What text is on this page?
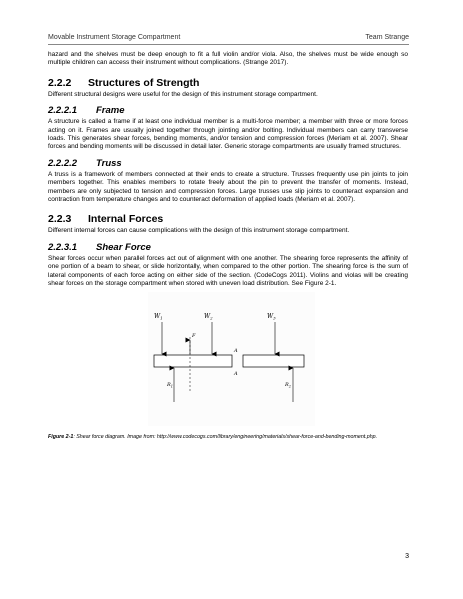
Movable Instrument Storage Compartment	Team Strange

hazard and the shelves must be deep enough to fit a full violin and/or viola. Also, the shelves must be wide enough so multiple children can access their instrument without complications. (Strange 2017).

2.2.2	Structures of Strength

Different structural designs were useful for the design of this instrument storage compartment.

2.2.2.1	Frame

A structure is called a frame if at least one individual member is a multi-force member; a member with three or more forces acting on it. Frames are usually joined together through jointing and/or bolting. Individual members can carry transverse loads. This generates shear forces, bending moments, and/or tension and compression forces (Meriam et al. 2007). Shear forces and bending moments will be discussed in detail later. Generic storage compartments are usually framed structures.

2.2.2.2	Truss

A truss is a framework of members connected at their ends to create a structure. Trusses frequently use pin joints to join members together. This enables members to rotate freely about the pin to prevent the transfer of moments. Instead, members are only subjected to tension and compression forces. Large trusses use slip joints to counteract expansion and contraction from temperature changes and to counteract deformation of applied loads (Meriam et al. 2007).

2.2.3	Internal Forces

Different internal forces can cause complications with the design of this instrument storage compartment.

2.2.3.1	Shear Force

Shear forces occur when parallel forces act out of alignment with one another. The shearing force represents the affinity of one portion of a beam to shear, or slide horizontally, when compared to the other portion. The shearing force is the sum of lateral components of each force acting on either side of the section. (CodeCogs 2011). Violins and violas will be creating shear forces on the storage compartment when stored with uneven load distribution. See Figure 2-1.

$W_1$
F
$W_2$	$W_3$
A
A
$R_1$	$R_2$
Figure 2-1: Shear force diagram. Image from: http://www.codecogs.com/library/engineering/materials/shear-force-and-bending-moment.php.
3
